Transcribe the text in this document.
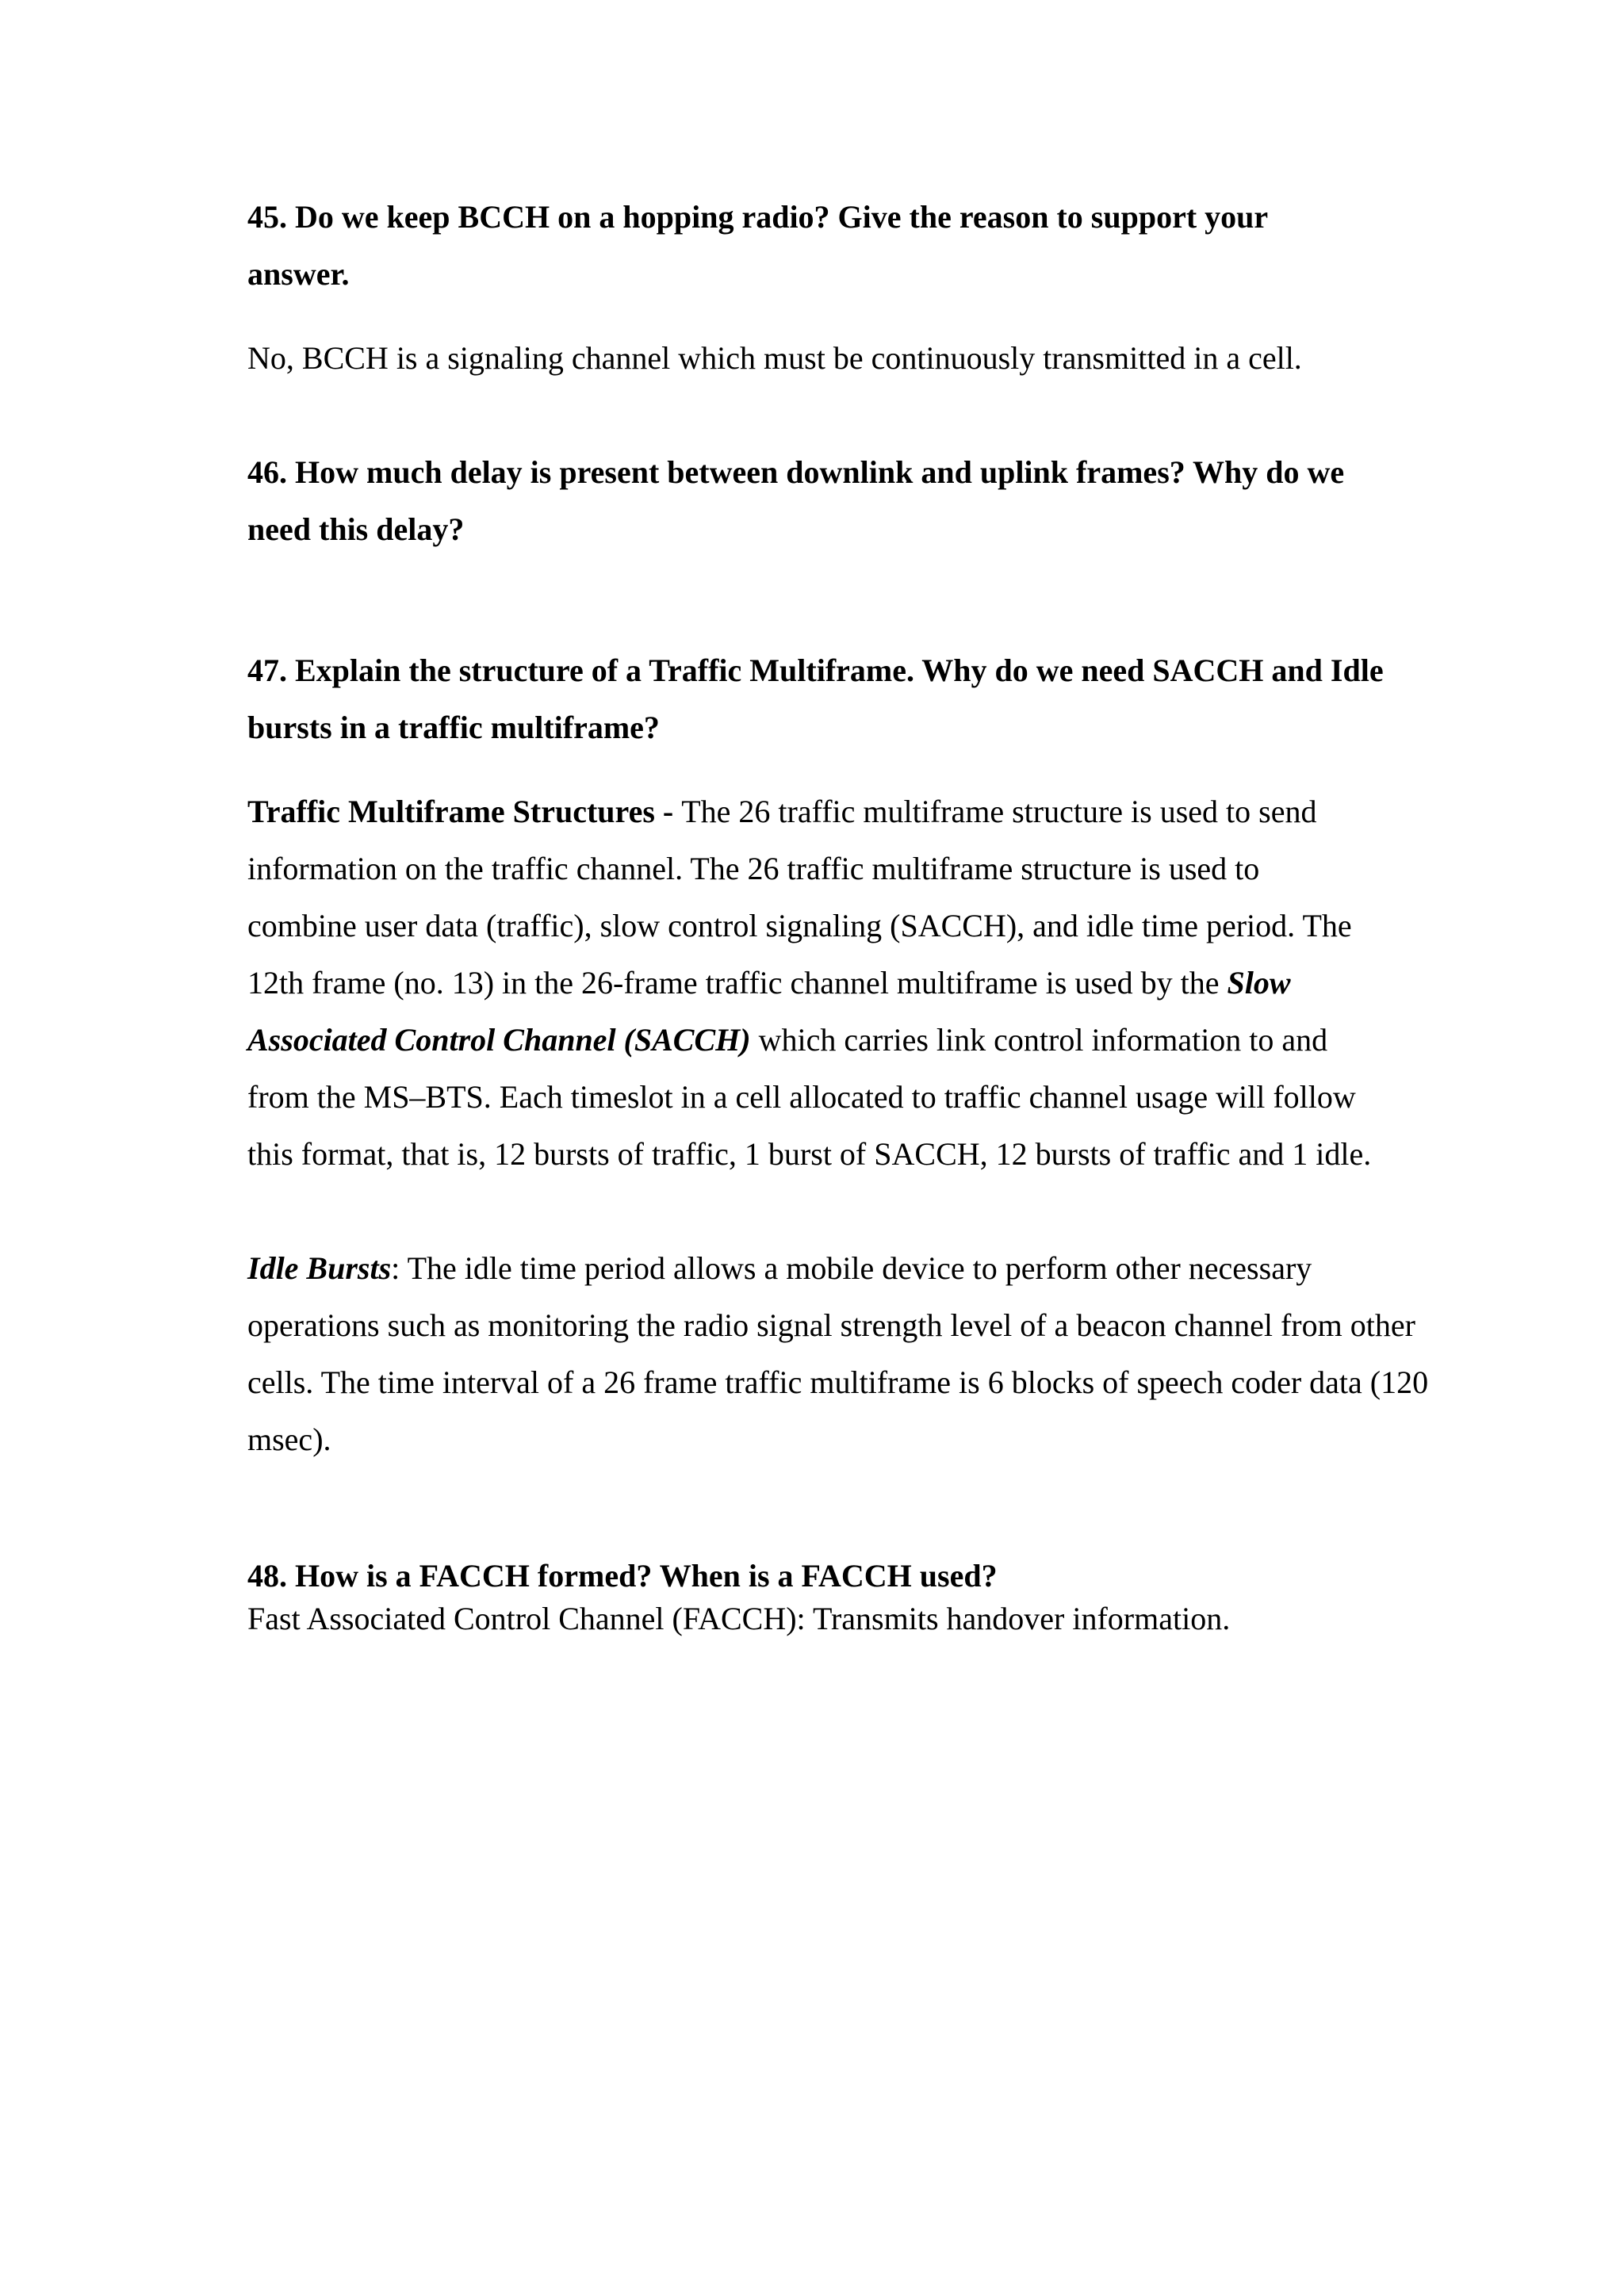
45. Do we keep BCCH on a hopping radio? Give the reason to support your answer.

No, BCCH is a signaling channel which must be continuously transmitted in a cell.

46. How much delay is present between downlink and uplink frames? Why do we need this delay?

47. Explain the structure of a Traffic Multiframe. Why do we need SACCH and Idle bursts in a traffic multiframe?

Traffic Multiframe Structures - The 26 traffic multiframe structure is used to send information on the traffic channel. The 26 traffic multiframe structure is used to combine user data (traffic), slow control signaling (SACCH), and idle time period. The 12th frame (no. 13) in the 26-frame traffic channel multiframe is used by the Slow Associated Control Channel (SACCH) which carries link control information to and from the MS–BTS. Each timeslot in a cell allocated to traffic channel usage will follow this format, that is, 12 bursts of traffic, 1 burst of SACCH, 12 bursts of traffic and 1 idle.

Idle Bursts: The idle time period allows a mobile device to perform other necessary operations such as monitoring the radio signal strength level of a beacon channel from other cells. The time interval of a 26 frame traffic multiframe is 6 blocks of speech coder data (120 msec).

48. How is a FACCH formed? When is a FACCH used?

Fast Associated Control Channel (FACCH): Transmits handover information.
